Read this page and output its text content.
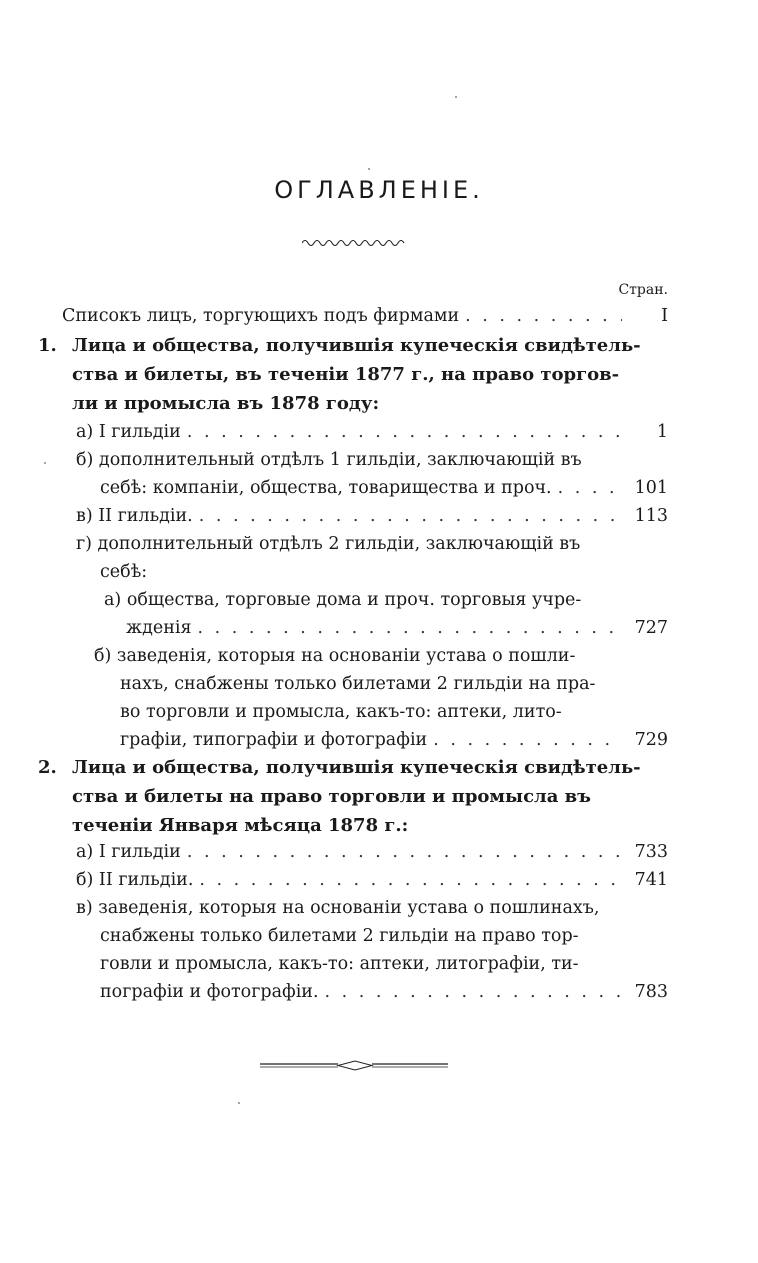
ОГЛАВЛЕНІЕ.
Стран.
Списокъ лицъ, торгующихъ подъ фирмами . . .	I
1. Лица и общества, получившія купеческія свидѣтель-
ства и билеты, въ теченіи 1877 г., на право торгов-
ли и промысла въ 1878 году:
а) I гильдіи . . .	1
б) дополнительный отдѣлъ 1 гильдіи, заключающій въ
себѣ: компаніи, общества, товарищества и проч. . . .	101
в) II гильдіи. . . .	113
г) дополнительный отдѣлъ 2 гильдіи, заключающій въ
себѣ:
а) общества, торговые дома и проч. торговыя учре-
жденія . . .	727
б) заведенія, которыя на основаніи устава о пошли-
нахъ, снабжены только билетами 2 гильдіи на пра-
во торговли и промысла, какъ-то: аптеки, лито-
графіи, типографіи и фотографіи . . .	729
2. Лица и общества, получившія купеческія свидѣтель-
ства и билеты на право торговли и промысла въ
теченіи Января мѣсяца 1878 г.:
а) I гильдіи . . .	733
б) II гильдіи. . . .	741
в) заведенія, которыя на основаніи устава о пошлинахъ,
снабжены только билетами 2 гильдіи на право тор-
говли и промысла, какъ-то: аптеки, литографіи, ти-
пографіи и фотографіи. . . .	783
